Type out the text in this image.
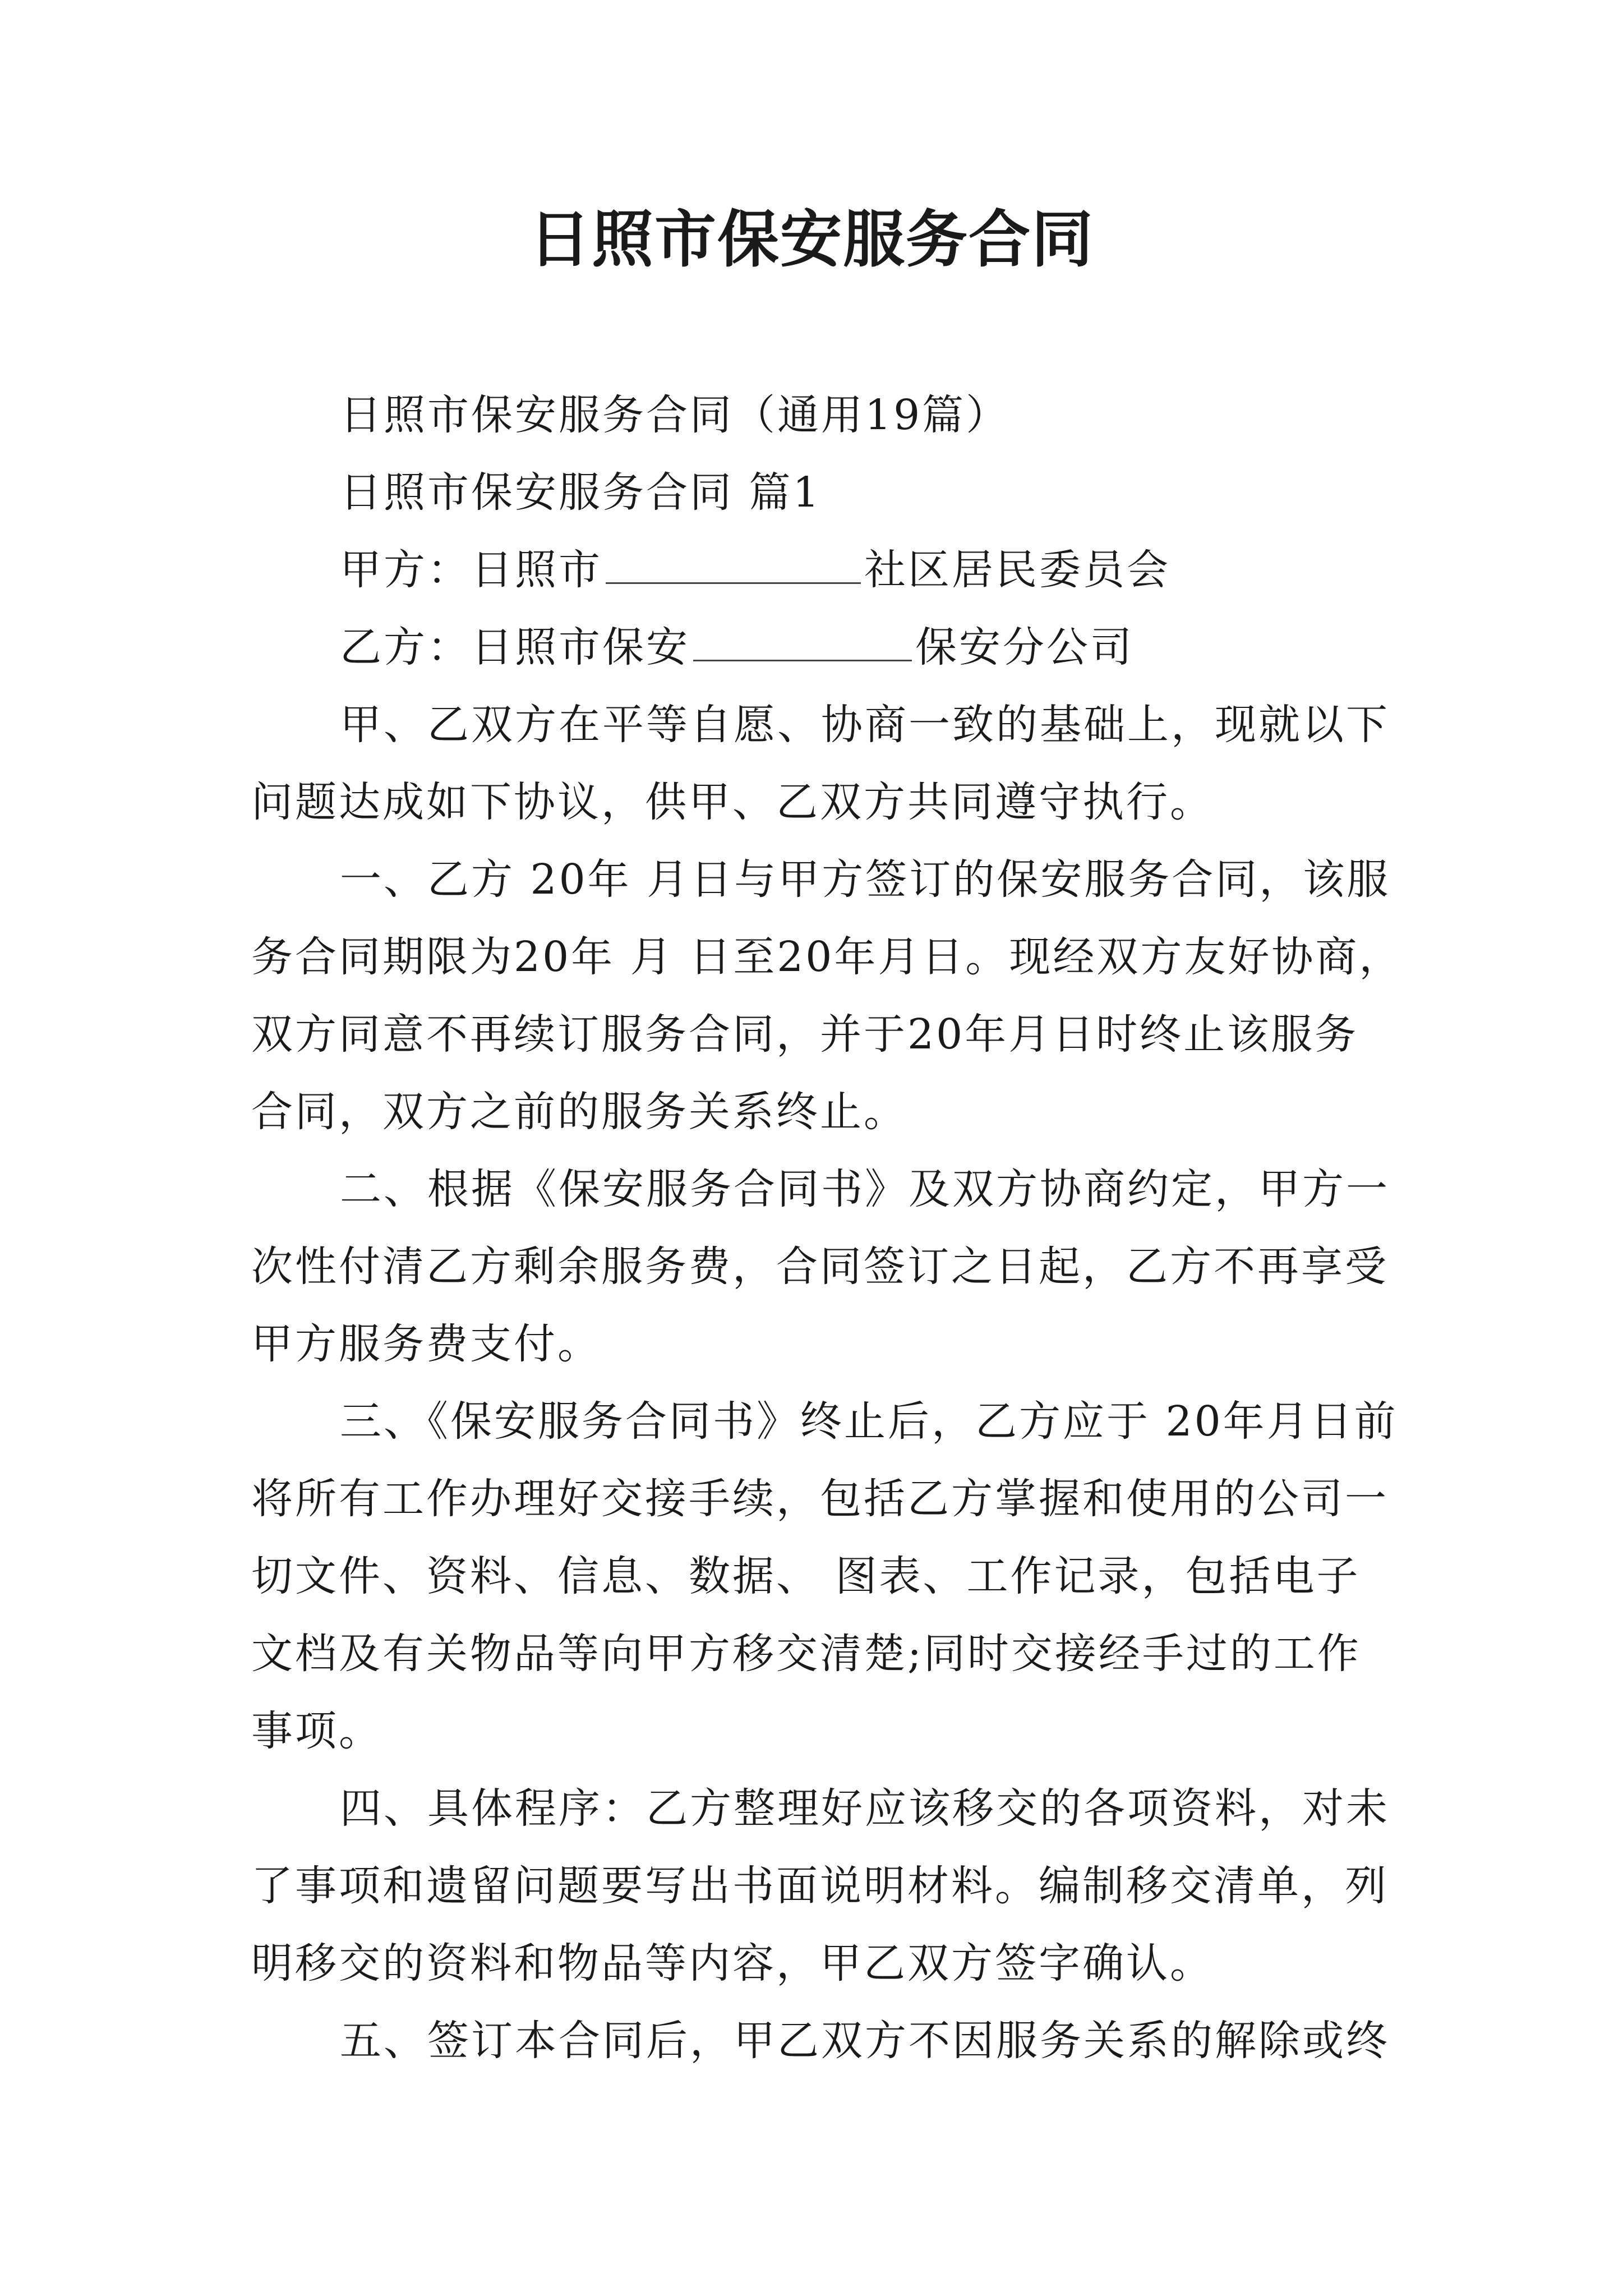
日照市保安服务合同
日照市保安服务合同（通用19篇）
日照市保安服务合同 篇1
甲方：日照市	社区居民委员会
乙方：日照市保安	保安分公司
甲、乙双方在平等自愿、协商一致的基础上，现就以下
问题达成如下协议，供甲、乙双方共同遵守执行。
一、乙方 20年 月日与甲方签订的保安服务合同，该服
务合同期限为20年 月 日至20年月日。现经双方友好协商，
双方同意不再续订服务合同，并于20年月日时终止该服务
合同，双方之前的服务关系终止。
二、根据《保安服务合同书》及双方协商约定，甲方一
次性付清乙方剩余服务费，合同签订之日起，乙方不再享受
甲方服务费支付。
三、《保安服务合同书》终止后，乙方应于 20年月日前
将所有工作办理好交接手续，包括乙方掌握和使用的公司一
切文件、资料、信息、数据、 图表、工作记录，包括电子
文档及有关物品等向甲方移交清楚;同时交接经手过的工作
事项。
四、具体程序：乙方整理好应该移交的各项资料，对未
了事项和遗留问题要写出书面说明材料。编制移交清单，列
明移交的资料和物品等内容，甲乙双方签字确认。
五、签订本合同后，甲乙双方不因服务关系的解除或终
